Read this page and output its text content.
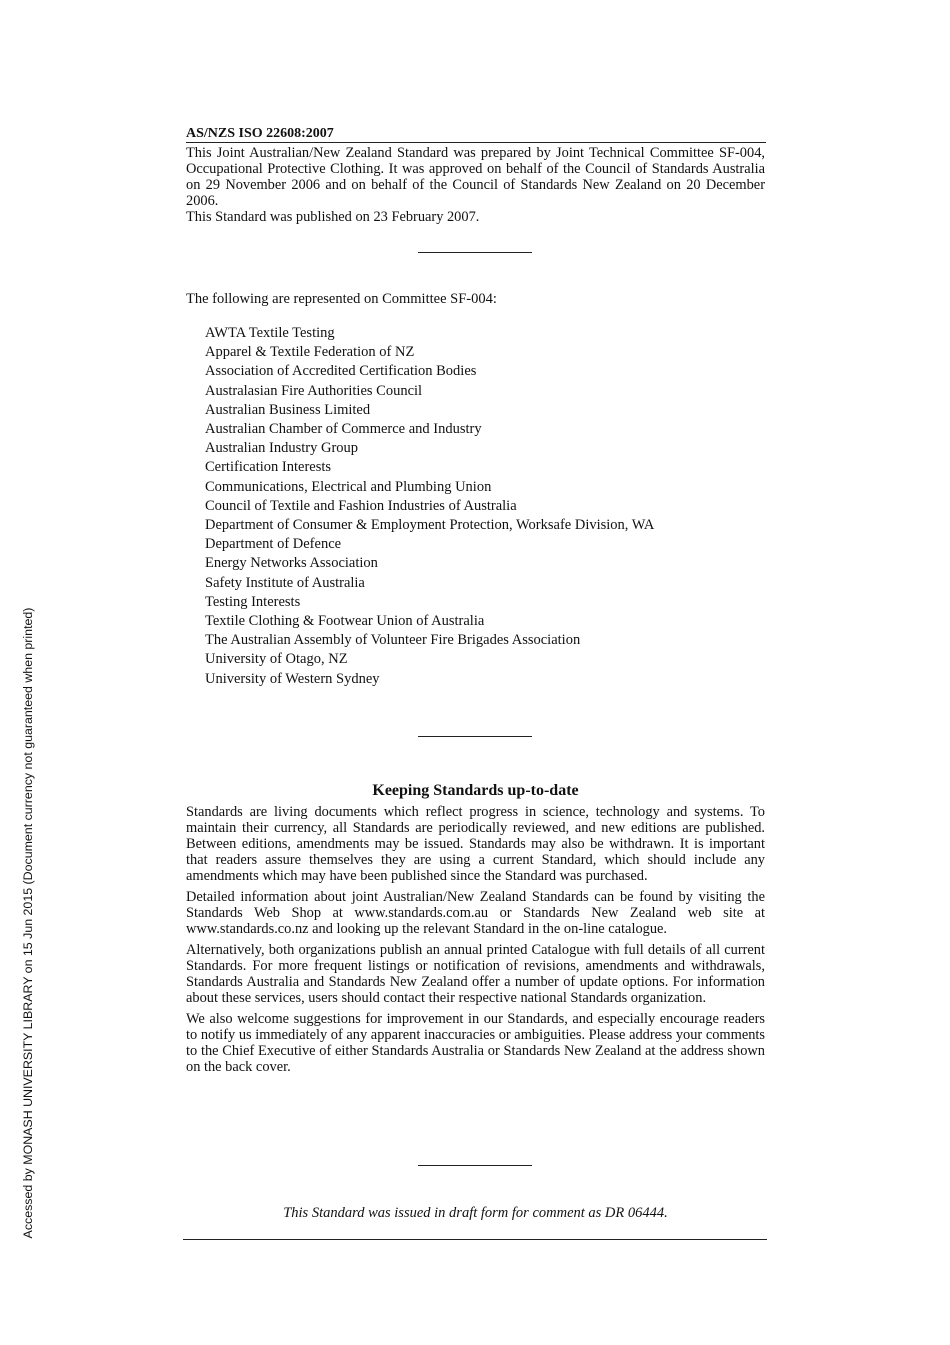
AS/NZS ISO 22608:2007

This Joint Australian/New Zealand Standard was prepared by Joint Technical Committee SF-004, Occupational Protective Clothing. It was approved on behalf of the Council of Standards Australia on 29 November 2006 and on behalf of the Council of Standards New Zealand on 20 December 2006.

This Standard was published on 23 February 2007.

The following are represented on Committee SF-004:
AWTA Textile Testing
Apparel & Textile Federation of NZ
Association of Accredited Certification Bodies
Australasian Fire Authorities Council
Australian Business Limited
Australian Chamber of Commerce and Industry
Australian Industry Group
Certification Interests
Communications, Electrical and Plumbing Union
Council of Textile and Fashion Industries of Australia
Department of Consumer & Employment Protection, Worksafe Division, WA
Department of Defence
Energy Networks Association
Safety Institute of Australia
Testing Interests
Textile Clothing & Footwear Union of Australia
The Australian Assembly of Volunteer Fire Brigades Association
University of Otago, NZ
University of Western Sydney
Keeping Standards up-to-date

Standards are living documents which reflect progress in science, technology and systems. To maintain their currency, all Standards are periodically reviewed, and new editions are published. Between editions, amendments may be issued. Standards may also be withdrawn. It is important that readers assure themselves they are using a current Standard, which should include any amendments which may have been published since the Standard was purchased.

Detailed information about joint Australian/New Zealand Standards can be found by visiting the Standards Web Shop at www.standards.com.au or Standards New Zealand web site at www.standards.co.nz and looking up the relevant Standard in the on-line catalogue.

Alternatively, both organizations publish an annual printed Catalogue with full details of all current Standards. For more frequent listings or notification of revisions, amendments and withdrawals, Standards Australia and Standards New Zealand offer a number of update options. For information about these services, users should contact their respective national Standards organization.

We also welcome suggestions for improvement in our Standards, and especially encourage readers to notify us immediately of any apparent inaccuracies or ambiguities. Please address your comments to the Chief Executive of either Standards Australia or Standards New Zealand at the address shown on the back cover.

This Standard was issued in draft form for comment as DR 06444.
Accessed by MONASH UNIVERSITY LIBRARY on 15 Jun 2015 (Document currency not guaranteed when printed)
